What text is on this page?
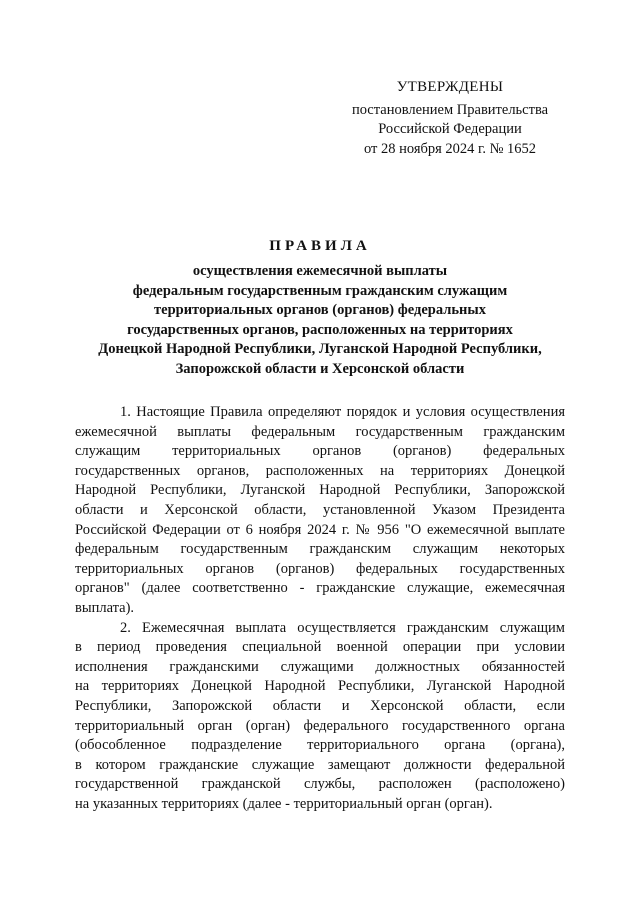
УТВЕРЖДЕНЫ
постановлением Правительства
Российской Федерации
от 28 ноября 2024 г. № 1652
ПРАВИЛА
осуществления ежемесячной выплаты
федеральным государственным гражданским служащим
территориальных органов (органов) федеральных
государственных органов, расположенных на территориях
Донецкой Народной Республики, Луганской Народной Республики,
Запорожской области и Херсонской области
1. Настоящие Правила определяют порядок и условия осуществления
ежемесячной выплаты федеральным государственным гражданским
служащим территориальных органов (органов) федеральных
государственных органов, расположенных на территориях Донецкой
Народной Республики, Луганской Народной Республики, Запорожской
области и Херсонской области, установленной Указом Президента
Российской Федерации от 6 ноября 2024 г. № 956 "О ежемесячной выплате
федеральным государственным гражданским служащим некоторых
территориальных органов (органов) федеральных государственных
органов" (далее соответственно - гражданские служащие, ежемесячная
выплата).
2. Ежемесячная выплата осуществляется гражданским служащим
в период проведения специальной военной операции при условии
исполнения гражданскими служащими должностных обязанностей
на территориях Донецкой Народной Республики, Луганской Народной
Республики, Запорожской области и Херсонской области, если
территориальный орган (орган) федерального государственного органа
(обособленное подразделение территориального органа (органа),
в котором гражданские служащие замещают должности федеральной
государственной гражданской службы, расположен (расположено)
на указанных территориях (далее - территориальный орган (орган).
